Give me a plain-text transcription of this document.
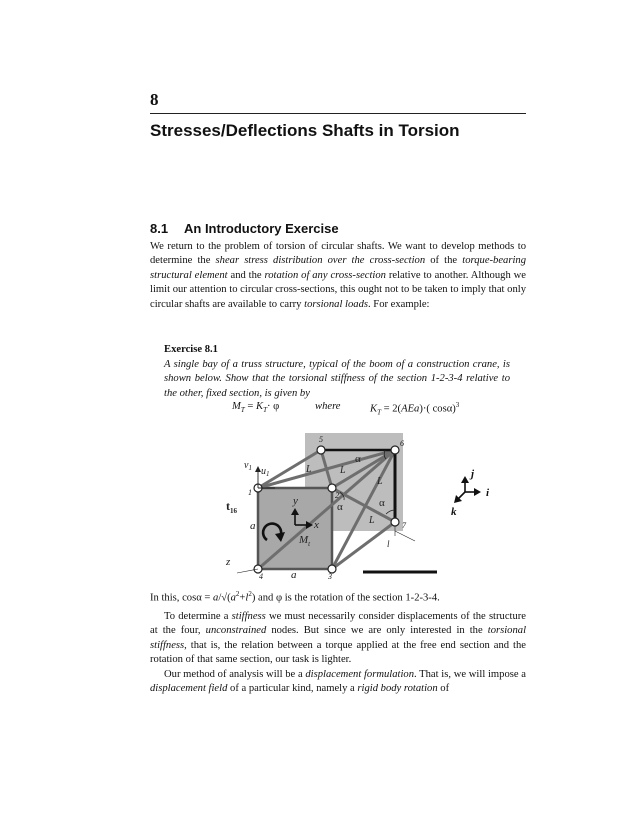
8
Stresses/Deflections Shafts in Torsion
8.1 An Introductory Exercise
We return to the problem of torsion of circular shafts. We want to develop methods to determine the shear stress distribution over the cross-section of the torque-bearing structural element and the rotation of any cross-section relative to another. Although we limit our attention to circular cross-sections, this ought not to be taken to imply that only circular shafts are available to carry torsional loads. For example:
Exercise 8.1
A single bay of a truss structure, typical of the boom of a construction crane, is shown below. Show that the torsional stiffness of the section 1-2-3-4 relative to the other, fixed section, is given by
$M_T = K_T\cdot \varphi$	where	$K_T = 2(AEa)\cdot$( cosα)$^3$
1	2
3
4
5	6
7
L	L
L
L
α
α	α
a
a
l
$v_1$ $u_1$
$t_{16}$
y
x
$M_t$
z
j
i
k
In this, $\cos\alpha = a/√(a^2+l^2)$ and φ is the rotation of the section 1-2-3-4.
To determine a stiffness we must necessarily consider displacements of the structure at the four, unconstrained nodes. But since we are only interested in the torsional stiffness, that is, the relation between a torque applied at the free end section and the rotation of that same section, our task is lighter.
Our method of analysis will be a displacement formulation. That is, we will impose a displacement field of a particular kind, namely a rigid body rotation of
